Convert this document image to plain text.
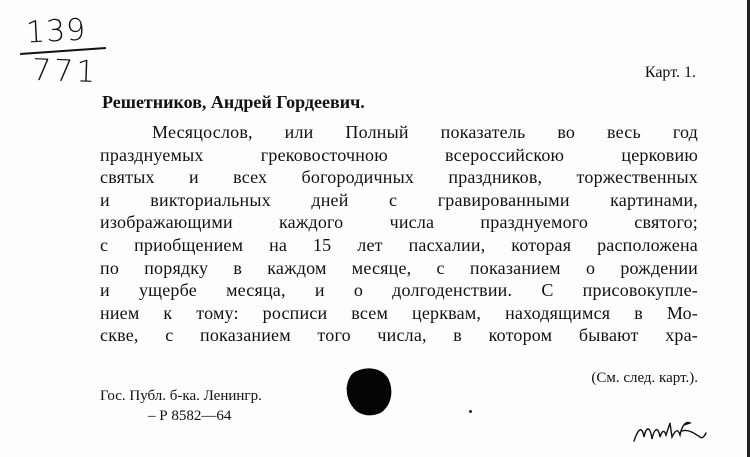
139
771	Карт. 1.
Решетников, Андрей Гордеевич.
Месяцослов, или Полный показатель во весь год
празднуемых грековосточною всероссийскою церковию
святых и всех богородичных праздников, торжественных
и викториальных дней с гравированными картинами,
изображающими каждого числа празднуемого святого;
с приобщением на 15 лет пасхалии, которая расположена
по порядку в каждом месяце, с показанием о рождении
и ущербе месяца, и о долгоденствии. С присовокупле-
нием к тому: росписи всем церквам, находящимся в Мо-
скве, с показанием того числа, в котором бывают хра-
(См. след. карт.).
Гос. Публ. б-ка. Ленингр.
– Р 8582—64
